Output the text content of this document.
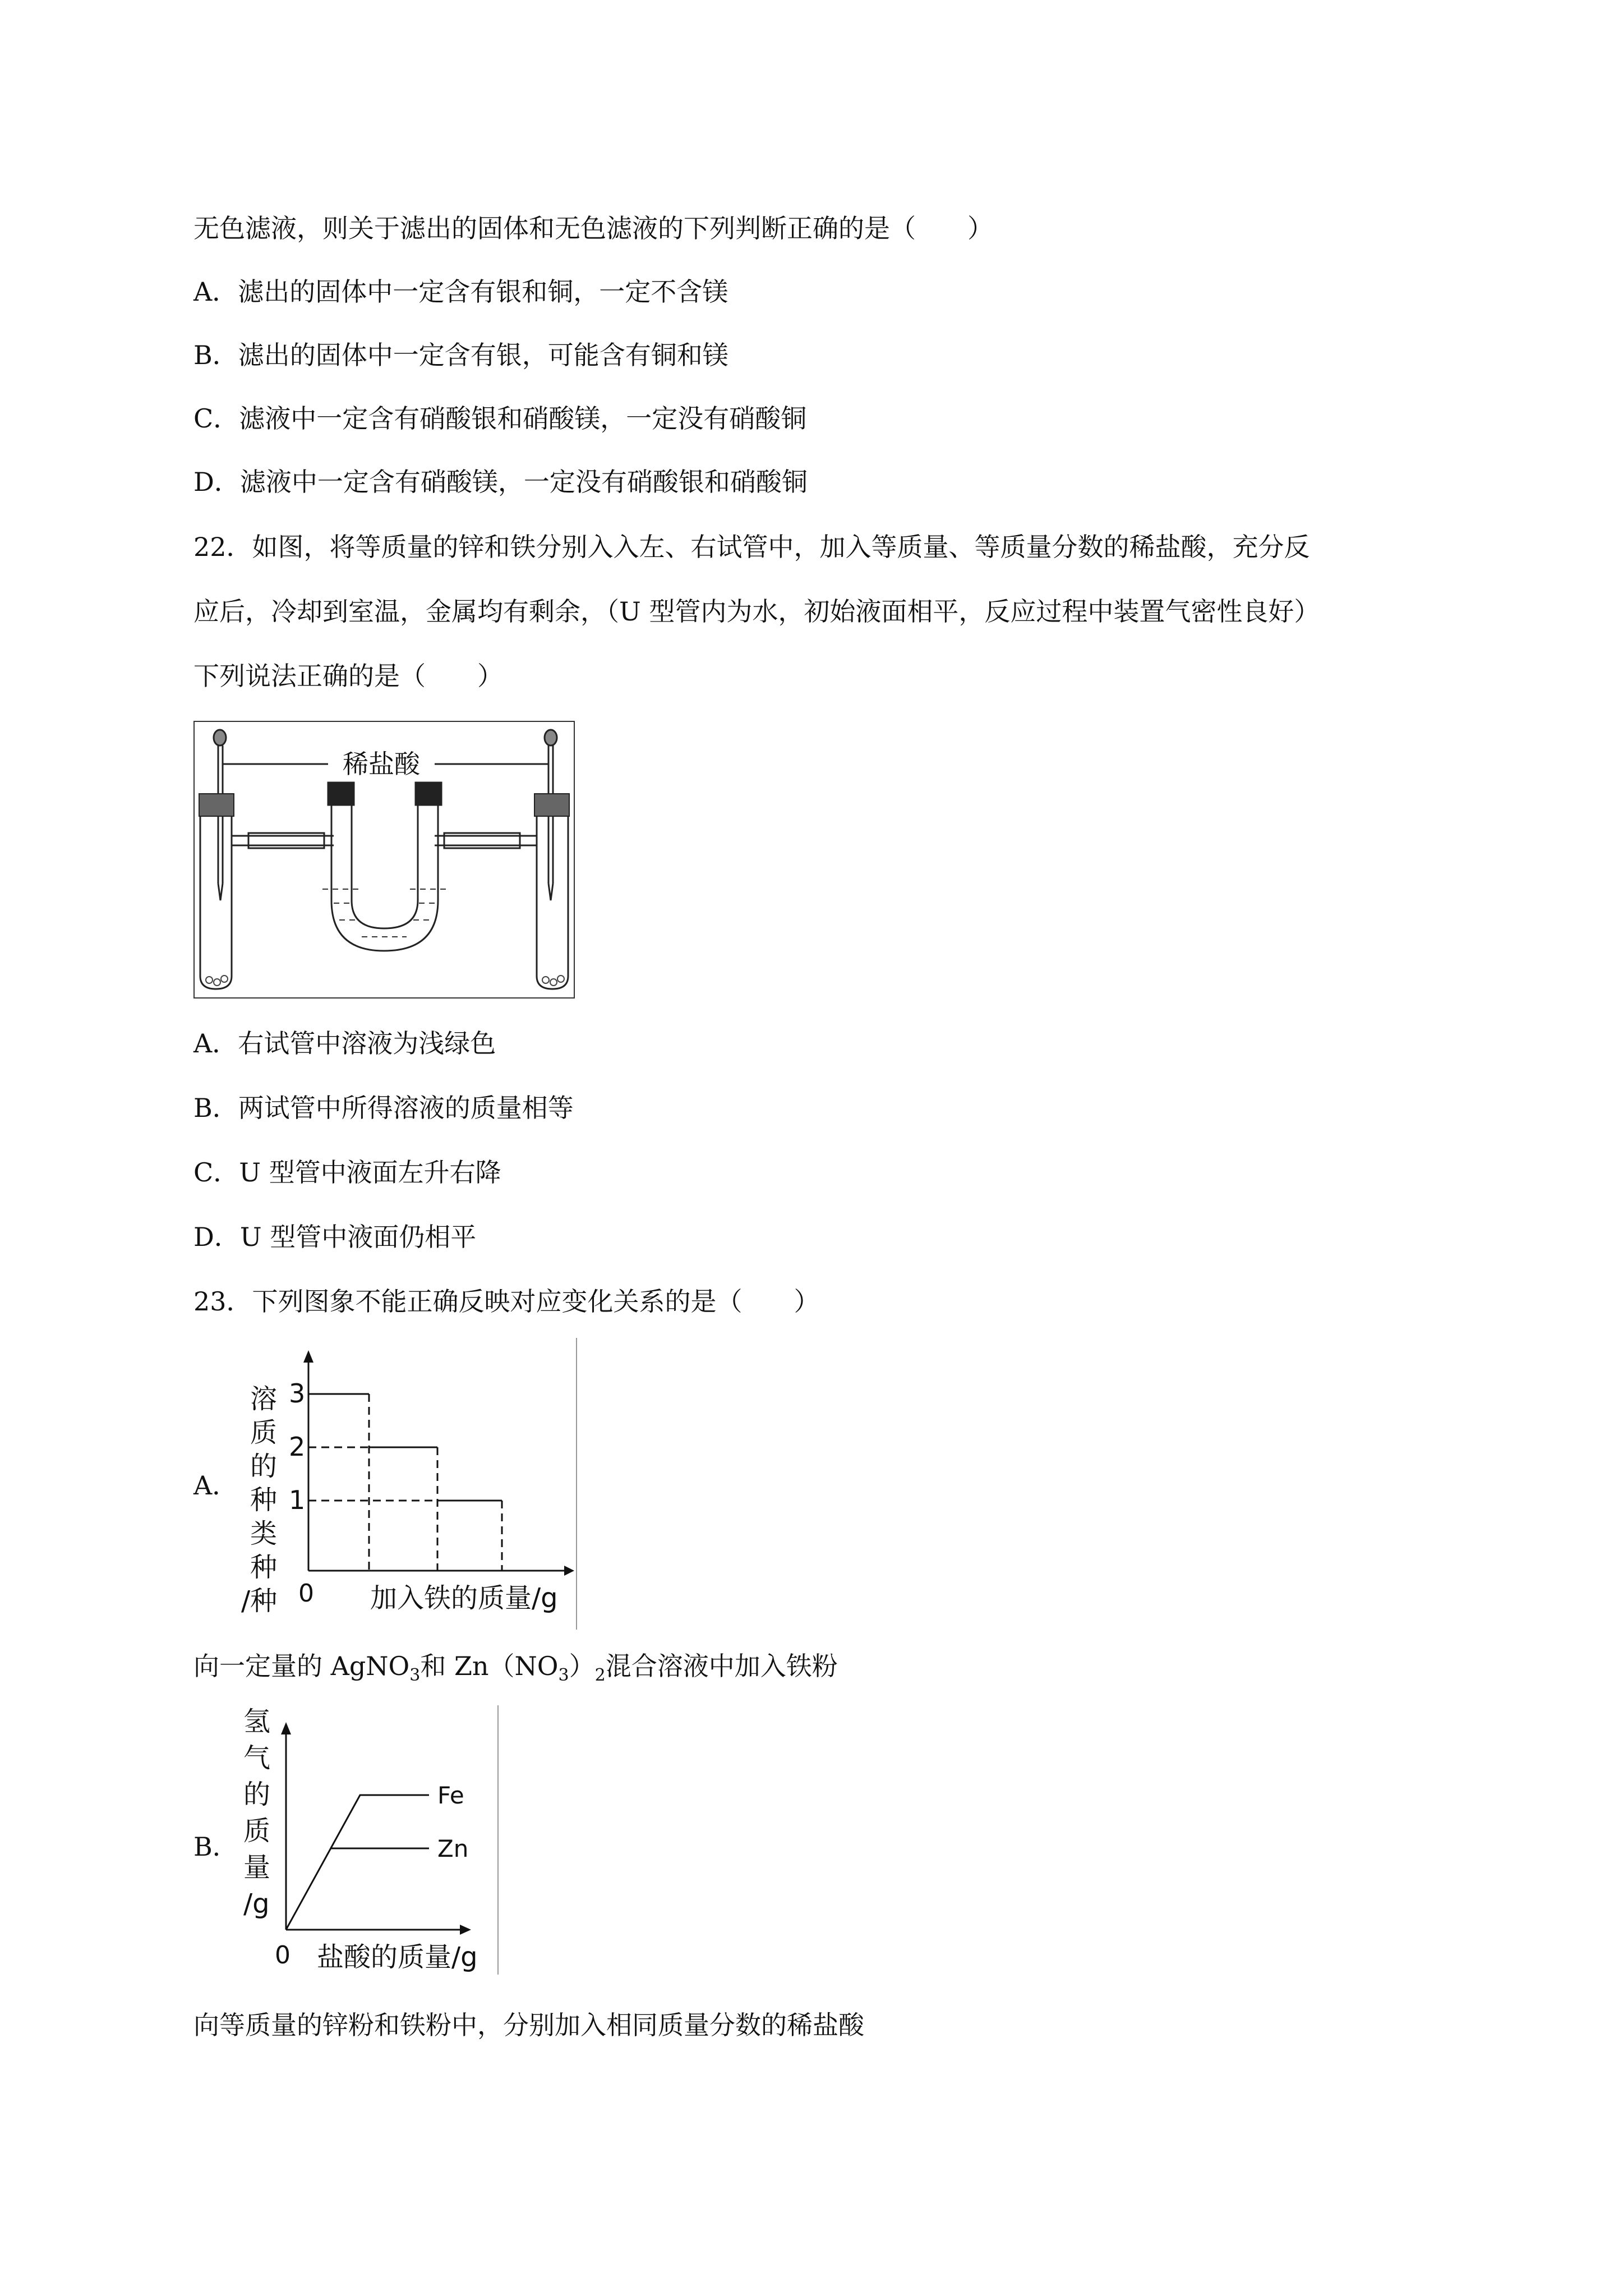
无色滤液，则关于滤出的固体和无色滤液的下列判断正确的是（　　）
A．滤出的固体中一定含有银和铜，一定不含镁
B．滤出的固体中一定含有银，可能含有铜和镁
C．滤液中一定含有硝酸银和硝酸镁，一定没有硝酸铜
D．滤液中一定含有硝酸镁，一定没有硝酸银和硝酸铜
22．如图，将等质量的锌和铁分别入入左、右试管中，加入等质量、等质量分数的稀盐酸，充分反
应后，冷却到室温，金属均有剩余，（U 型管内为水，初始液面相平，反应过程中装置气密性良好）
下列说法正确的是（　　）
稀盐酸
A．右试管中溶液为浅绿色
B．两试管中所得溶液的质量相等
C．U 型管中液面左升右降
D．U 型管中液面仍相平
23．下列图象不能正确反映对应变化关系的是（　　）
A．
溶
质
的
种
类
种
/种
3
2
1
0 加入铁的质量/g
向一定量的 AgNO$_3$和 $Zn(NO_3)_2$混合溶液中加入铁粉
B．
氢
气
的
质
量
/g
0 盐酸的质量/g
Fe
Zn
向等质量的锌粉和铁粉中，分别加入相同质量分数的稀盐酸
